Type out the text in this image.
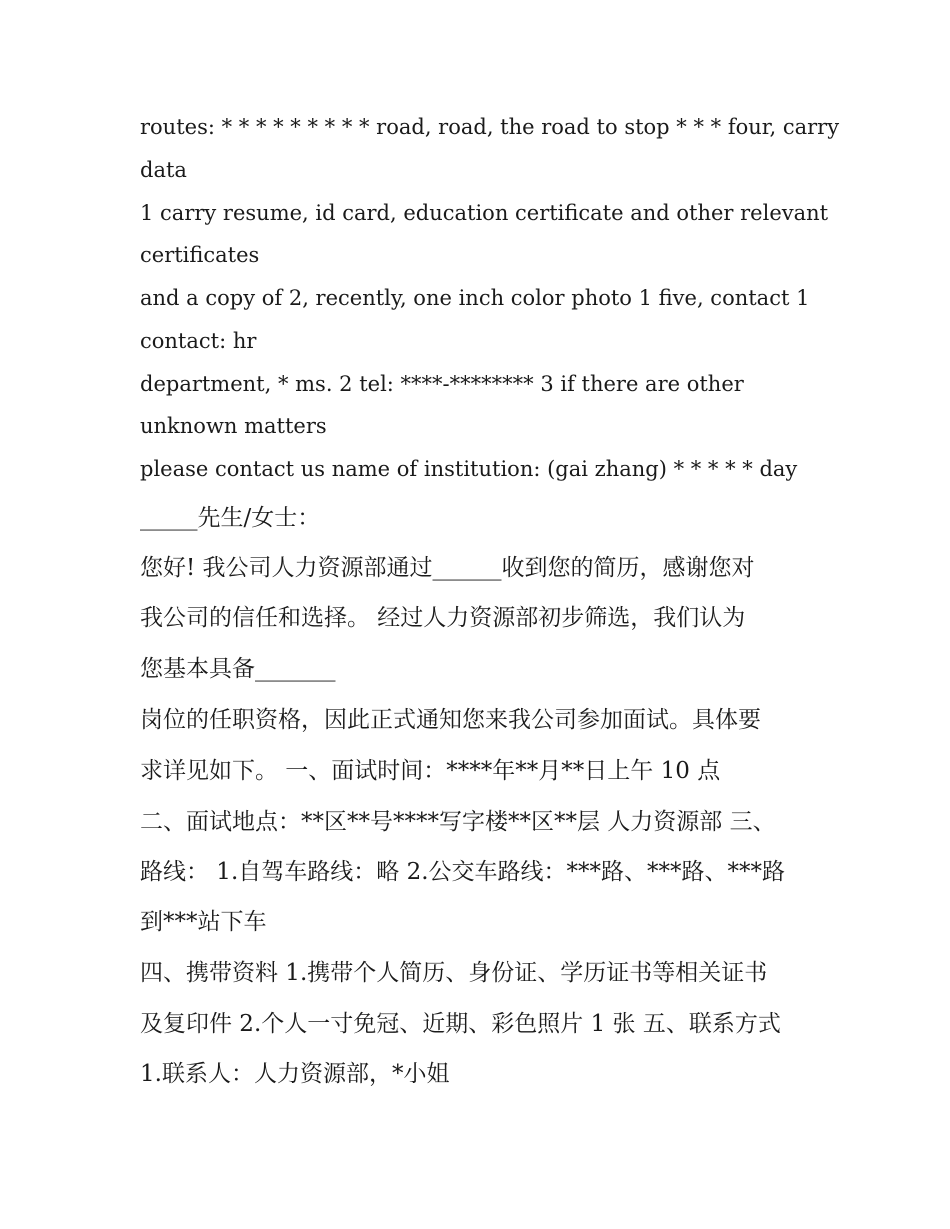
routes: * * * * * * * * * road, road, the road to stop * * * four, carry
data
1 carry resume, id card, education certificate and other relevant
certificates
and a copy of 2, recently, one inch color photo 1 five, contact 1
contact: hr
department, * ms. 2 tel: ****-******** 3 if there are other
unknown matters
please contact us name of institution: (gai zhang) * * * * * day
_____先生/女士：
您好! 我公司人力资源部通过______收到您的简历，感谢您对
我公司的信任和选择。 经过人力资源部初步筛选，我们认为
您基本具备_______
岗位的任职资格，因此正式通知您来我公司参加面试。具体要
求详见如下。 一、面试时间：****年**月**日上午 10 点
二、面试地点：**区**号****写字楼**区**层 人力资源部 三、
路线： 1.自驾车路线：略 2.公交车路线：***路、***路、***路
到***站下车
四、携带资料 1.携带个人简历、身份证、学历证书等相关证书
及复印件 2.个人一寸免冠、近期、彩色照片 1 张 五、联系方式
1.联系人：人力资源部，*小姐
